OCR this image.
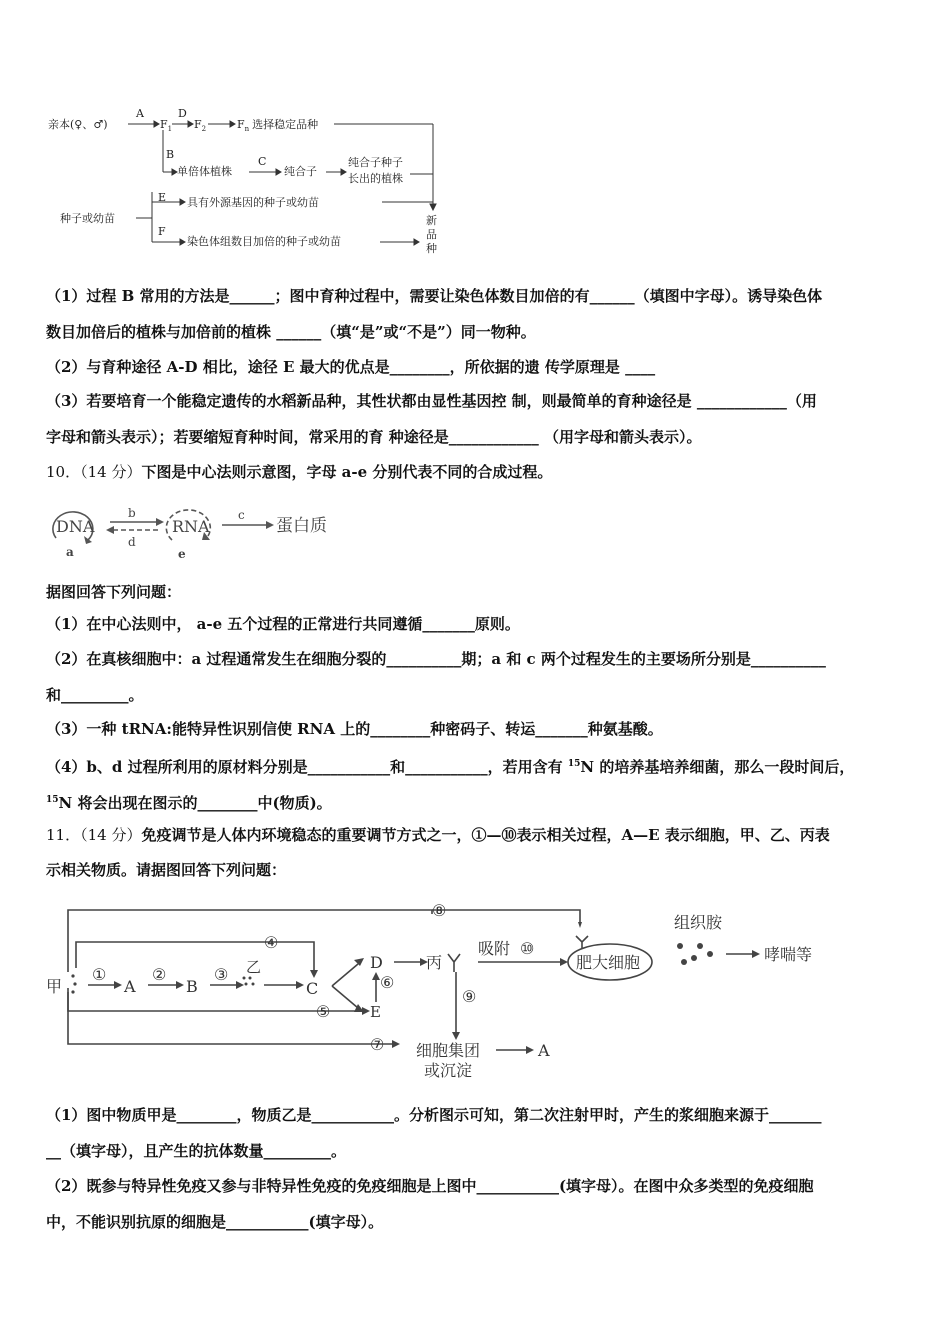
亲本(♀、♂)
A
$F_1$
D
$F_2$	$F_n$ 选择稳定品种
B
单倍体植株
C
纯合子
纯合子种子
长出的植株
种子或幼苗
E 具有外源基因的种子或幼苗
F
染色体组数目加倍的种子或幼苗
新
品
种
（1）过程 B 常用的方法是______；图中育种过程中，需要让染色体数目加倍的有______（填图中字母）。诱导染色体
数目加倍后的植株与加倍前的植株 ______（填“是”或“不是”）同一物种。
（2）与育种途径 A-D 相比，途径 E 最大的优点是________，所依据的遗 传学原理是 ____
（3）若要培育一个能稳定遗传的水稻新品种，其性状都由显性基因控 制，则最简单的育种途径是 ____________（用
字母和箭头表示）；若要缩短育种时间，常采用的育 种途径是____________ （用字母和箭头表示）。
10．（14 分）下图是中心法则示意图，字母 a-e 分别代表不同的合成过程。
DNA	RNA	蛋白质
a
b	c
d
e
据图回答下列问题：
（1）在中心法则中， a-e 五个过程的正常进行共同遵循_______原则。
（2）在真核细胞中：a 过程通常发生在细胞分裂的__________期；a 和 c 两个过程发生的主要场所分别是__________
和_________。
（3）一种 tRNA:能特异性识别信使 RNA 上的________种密码子、转运_______种氨基酸。
（4）b、d 过程所利用的原材料分别是___________和___________，若用含有 $^{15}$N 的培养基培养细菌，那么一段时间后，
$^{15}$N 将会出现在图示的________中(物质)。
11．（14 分）免疫调节是人体内环境稳态的重要调节方式之一，①—⑩表示相关过程，A—E 表示细胞，甲、乙、丙表
示相关物质。请据图回答下列问题：
甲
①
A
②
B
③ 乙
C
D
⑥
E
丙
吸附 ⑩
肥大细胞
组织胺
哮喘等
⑧
④
⑤
⑨
⑦ 细胞集团
或沉淀
A
（1）图中物质甲是________，物质乙是___________。分析图示可知，第二次注射甲时，产生的浆细胞来源于_______
__（填字母），且产生的抗体数量_________。
（2）既参与特异性免疫又参与非特异性免疫的免疫细胞是上图中___________(填字母）。在图中众多类型的免疫细胞
中，不能识别抗原的细胞是___________(填字母）。
